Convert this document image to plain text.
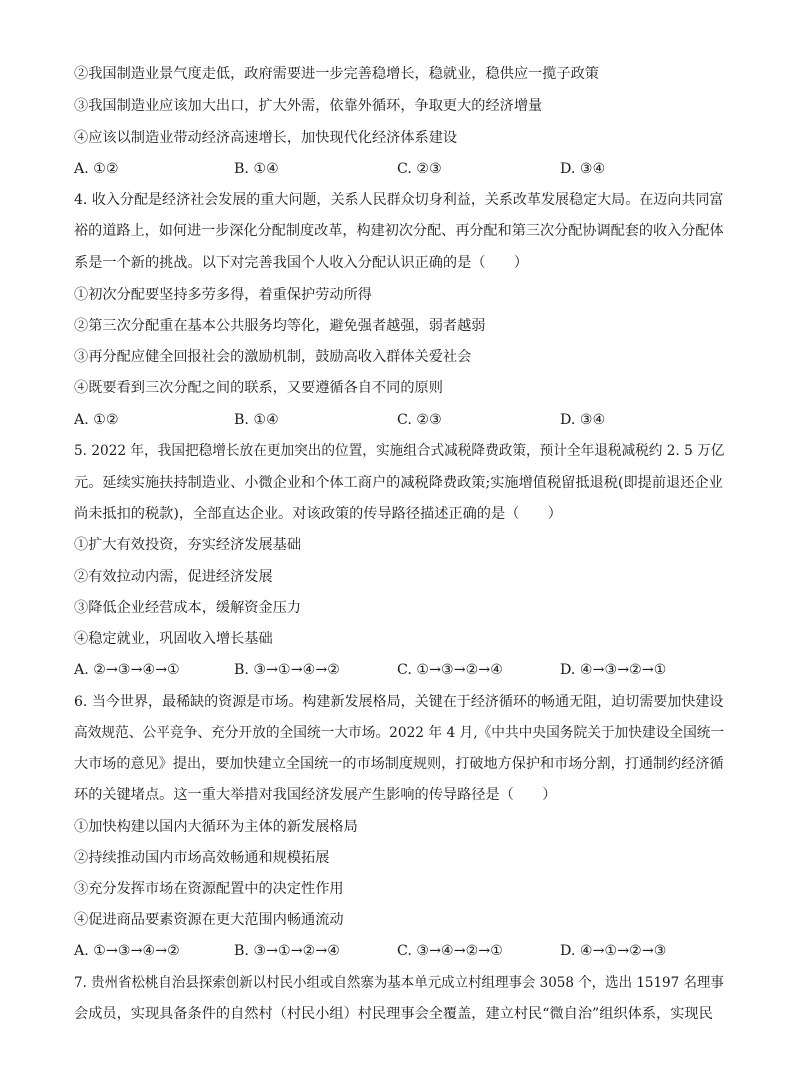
②我国制造业景气度走低，政府需要进一步完善稳增长，稳就业，稳供应一揽子政策
③我国制造业应该加大出口，扩大外需，依靠外循环，争取更大的经济增量
④应该以制造业带动经济高速增长，加快现代化经济体系建设
A. ①②	B. ①④	C. ②③	D. ③④
4. 收入分配是经济社会发展的重大问题，关系人民群众切身利益，关系改革发展稳定大局。在迈向共同富
裕的道路上，如何进一步深化分配制度改革，构建初次分配、再分配和第三次分配协调配套的收入分配体
系是一个新的挑战。以下对完善我国个人收入分配认识正确的是（　　）
①初次分配要坚持多劳多得，着重保护劳动所得
②第三次分配重在基本公共服务均等化，避免强者越强，弱者越弱
③再分配应健全回报社会的激励机制，鼓励高收入群体关爱社会
④既要看到三次分配之间的联系，又要遵循各自不同的原则
A. ①②	B. ①④	C. ②③	D. ③④
5. 2022 年，我国把稳增长放在更加突出的位置，实施组合式减税降费政策，预计全年退税减税约 2. 5 万亿
元。延续实施扶持制造业、小微企业和个体工商户的减税降费政策;实施增值税留抵退税(即提前退还企业
尚未抵扣的税款)，全部直达企业。对该政策的传导路径描述正确的是（　　）
①扩大有效投资，夯实经济发展基础
②有效拉动内需，促进经济发展
③降低企业经营成本，缓解资金压力
④稳定就业，巩固收入增长基础
A. ②→③→④→①	B. ③→①→④→②	C. ①→③→②→④	D. ④→③→②→①
6. 当今世界，最稀缺的资源是市场。构建新发展格局，关键在于经济循环的畅通无阻，迫切需要加快建设
高效规范、公平竞争、充分开放的全国统一大市场。2022 年 4 月,《中共中央国务院关于加快建设全国统一
大市场的意见》提出，要加快建立全国统一的市场制度规则，打破地方保护和市场分割，打通制约经济循
环的关键堵点。这一重大举措对我国经济发展产生影响的传导路径是（　　）
①加快构建以国内大循环为主体的新发展格局
②持续推动国内市场高效畅通和规模拓展
③充分发挥市场在资源配置中的决定性作用
④促进商品要素资源在更大范围内畅通流动
A. ①→③→④→②	B. ③→①→②→④	C. ③→④→②→①	D. ④→①→②→③
7. 贵州省松桃自治县探索创新以村民小组或自然寨为基本单元成立村组理事会 3058 个，选出 15197 名理事
会成员，实现具备条件的自然村（村民小组）村民理事会全覆盖，建立村民“微自治”组织体系，实现民
